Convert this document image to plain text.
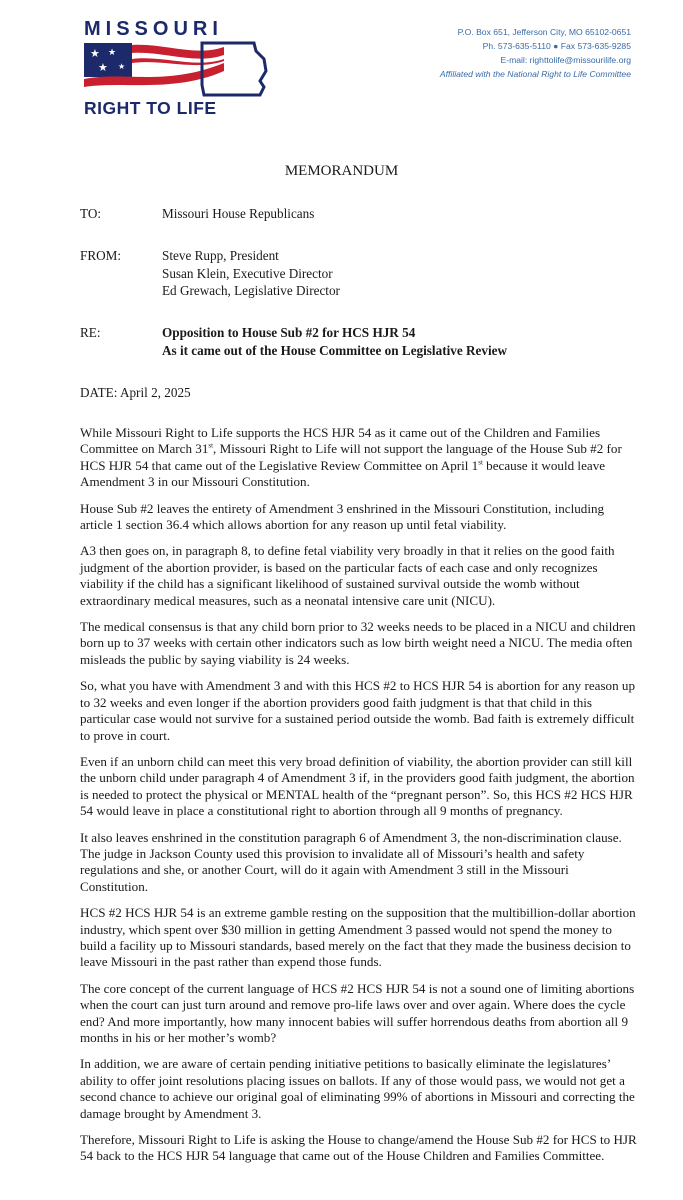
MISSOURI
★ ★
★ ★
RIGHT TO LIFE
P.O. Box 651, Jefferson City, MO 65102-0651
Ph. 573-635-5110 ● Fax 573-635-9285
E-mail: righttolife@missourilife.org
Affiliated with the National Right to Life Committee
MEMORANDUM
TO:	Missouri House Republicans
FROM:	Steve Rupp, President
Susan Klein, Executive Director
Ed Grewach, Legislative Director
RE:	Opposition to House Sub #2 for HCS HJR 54
As it came out of the House Committee on Legislative Review
DATE: April 2, 2025

While Missouri Right to Life supports the HCS HJR 54 as it came out of the Children and Families Committee on March 31st, Missouri Right to Life will not support the language of the House Sub #2 for HCS HJR 54 that came out of the Legislative Review Committee on April 1st because it would leave Amendment 3 in our Missouri Constitution.

House Sub #2 leaves the entirety of Amendment 3 enshrined in the Missouri Constitution, including article 1 section 36.4 which allows abortion for any reason up until fetal viability.

A3 then goes on, in paragraph 8, to define fetal viability very broadly in that it relies on the good faith judgment of the abortion provider, is based on the particular facts of each case and only recognizes viability if the child has a significant likelihood of sustained survival outside the womb without extraordinary medical measures, such as a neonatal intensive care unit (NICU).

The medical consensus is that any child born prior to 32 weeks needs to be placed in a NICU and children born up to 37 weeks with certain other indicators such as low birth weight need a NICU. The media often misleads the public by saying viability is 24 weeks.

So, what you have with Amendment 3 and with this HCS #2 to HCS HJR 54 is abortion for any reason up to 32 weeks and even longer if the abortion providers good faith judgment is that that child in this particular case would not survive for a sustained period outside the womb. Bad faith is extremely difficult to prove in court.

Even if an unborn child can meet this very broad definition of viability, the abortion provider can still kill the unborn child under paragraph 4 of Amendment 3 if, in the providers good faith judgment, the abortion is needed to protect the physical or MENTAL health of the “pregnant person”. So, this HCS #2 HCS HJR 54 would leave in place a constitutional right to abortion through all 9 months of pregnancy.

It also leaves enshrined in the constitution paragraph 6 of Amendment 3, the non-discrimination clause. The judge in Jackson County used this provision to invalidate all of Missouri’s health and safety regulations and she, or another Court, will do it again with Amendment 3 still in the Missouri Constitution.

HCS #2 HCS HJR 54 is an extreme gamble resting on the supposition that the multibillion-dollar abortion industry, which spent over $30 million in getting Amendment 3 passed would not spend the money to build a facility up to Missouri standards, based merely on the fact that they made the business decision to leave Missouri in the past rather than expend those funds.

The core concept of the current language of HCS #2 HCS HJR 54 is not a sound one of limiting abortions when the court can just turn around and remove pro-life laws over and over again. Where does the cycle end? And more importantly, how many innocent babies will suffer horrendous deaths from abortion all 9 months in his or her mother’s womb?

In addition, we are aware of certain pending initiative petitions to basically eliminate the legislatures’ ability to offer joint resolutions placing issues on ballots. If any of those would pass, we would not get a second chance to achieve our original goal of eliminating 99% of abortions in Missouri and correcting the damage brought by Amendment 3.

Therefore, Missouri Right to Life is asking the House to change/amend the House Sub #2 for HCS to HJR 54 back to the HCS HJR 54 language that came out of the House Children and Families Committee.
